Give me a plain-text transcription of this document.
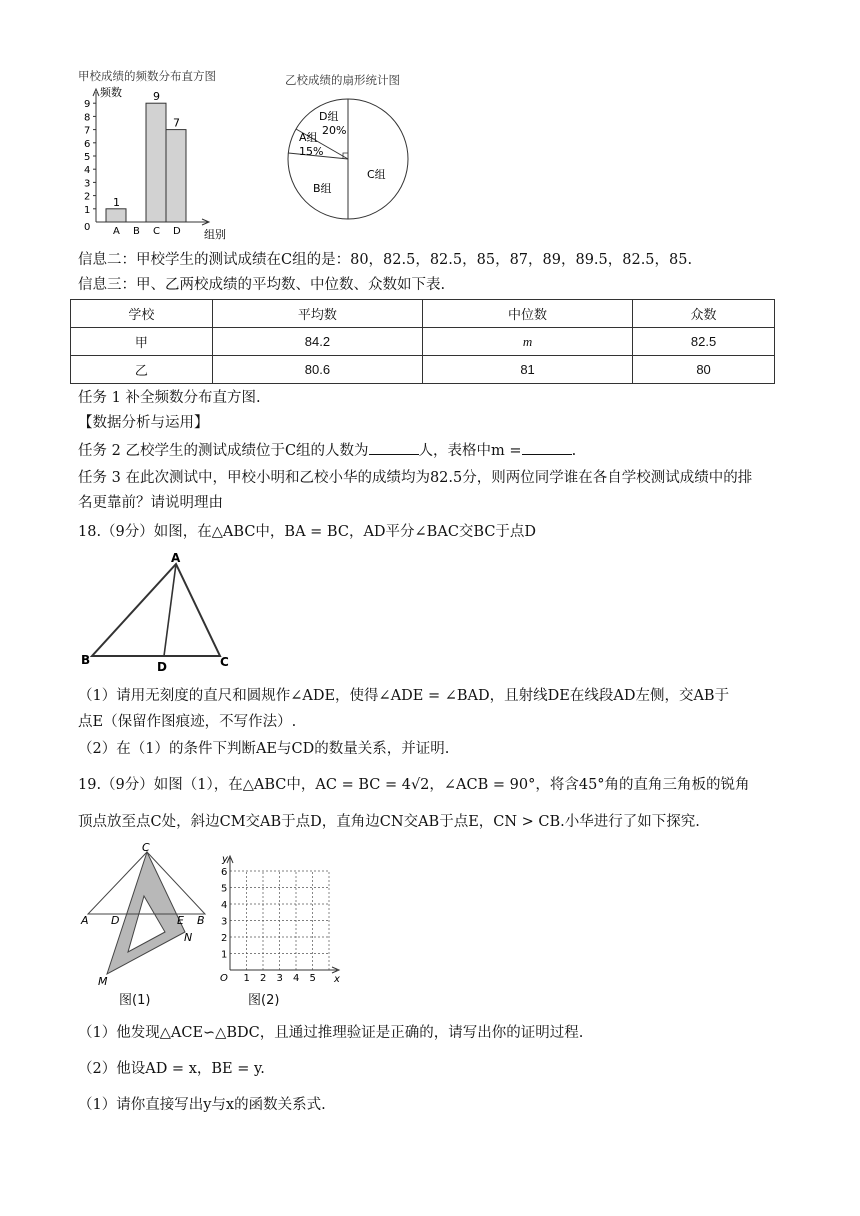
甲校成绩的频数分布直方图
频数
组别
0
1
2
3
4
5
6
7
8
9
A
1
B C
9
D
7
乙校成绩的扇形统计图
A组
15%
D组
20%
C组
B组
信息二：甲校学生的测试成绩在C组的是：80，82.5，82.5，85，87，89，89.5，82.5，85.
信息三：甲、乙两校成绩的平均数、中位数、众数如下表.
学校	平均数	中位数	众数
甲	84.2	m	82.5
乙	80.6	81	80
任务 1 补全频数分布直方图.
【数据分析与运用】
任务 2 乙校学生的测试成绩位于C组的人数为	人，表格中m =	.
任务 3 在此次测试中，甲校小明和乙校小华的成绩均为82.5分，则两位同学谁在各自学校测试成绩中的排
名更靠前？请说明理由
18.（9分）如图，在△ABC中，BA = BC，AD平分∠BAC交BC于点D
A
B	C
D
（1）请用无刻度的直尺和圆规作∠ADE，使得∠ADE = ∠BAD，且射线DE在线段AD左侧，交AB于
点E（保留作图痕迹，不写作法）.
（2）在（1）的条件下判断AE与CD的数量关系，并证明.
19.（9分）如图（1），在△ABC中，AC = BC = 4√2，∠ACB = 90°，将含45°角的直角三角板的锐角
顶点放至点C处，斜边CM交AB于点D，直角边CN交AB于点E，CN > CB.小华进行了如下探究.
C
A D	E B
N
M
图(1)
y
x
O 1 2 3 4 5
1
2
3
4
5
6
图(2)
（1）他发现△ACE∽△BDC，且通过推理验证是正确的，请写出你的证明过程.
（2）他设AD = x，BE = y.
（1）请你直接写出y与x的函数关系式.
